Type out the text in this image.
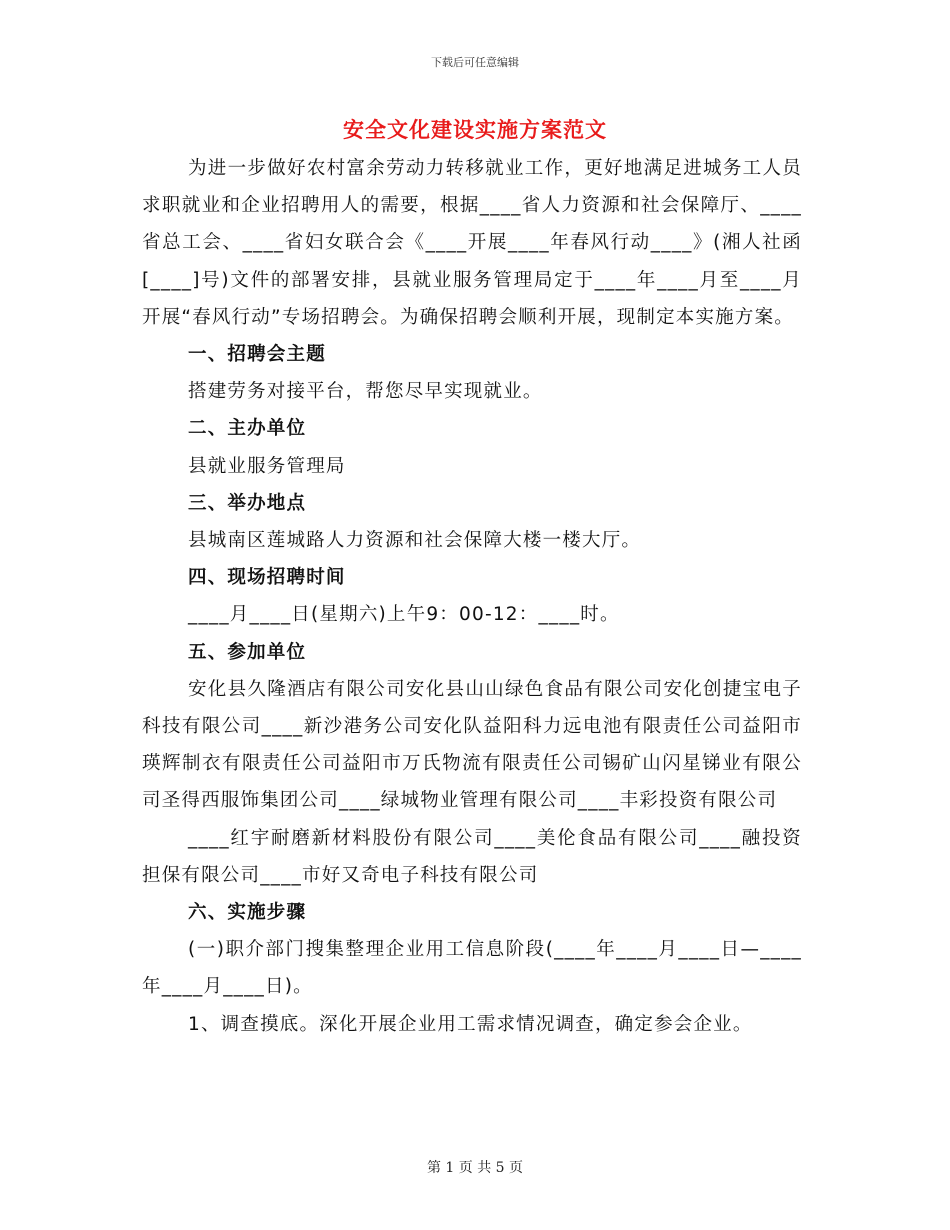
下载后可任意编辑
安全文化建设实施方案范文

为进一步做好农村富余劳动力转移就业工作，更好地满足进城务工人员求职就业和企业招聘用人的需要，根据____省人力资源和社会保障厅、____省总工会、____省妇女联合会《____开展____年春风行动____》(湘人社函[____]号)文件的部署安排，县就业服务管理局定于____年____月至____月开展“春风行动”专场招聘会。为确保招聘会顺利开展，现制定本实施方案。

一、招聘会主题

搭建劳务对接平台，帮您尽早实现就业。

二、主办单位

县就业服务管理局

三、举办地点

县城南区莲城路人力资源和社会保障大楼一楼大厅。

四、现场招聘时间

____月____日(星期六)上午9：00-12：____时。

五、参加单位

安化县久隆酒店有限公司安化县山山绿色食品有限公司安化创捷宝电子科技有限公司____新沙港务公司安化队益阳科力远电池有限责任公司益阳市瑛辉制衣有限责任公司益阳市万氏物流有限责任公司锡矿山闪星锑业有限公司圣得西服饰集团公司____绿城物业管理有限公司____丰彩投资有限公司

____红宇耐磨新材料股份有限公司____美伦食品有限公司____融投资担保有限公司____市好又奇电子科技有限公司

六、实施步骤

(一)职介部门搜集整理企业用工信息阶段(____年____月____日—____年____月____日)。

1、调查摸底。深化开展企业用工需求情况调查，确定参会企业。

第 1 页 共 5 页
